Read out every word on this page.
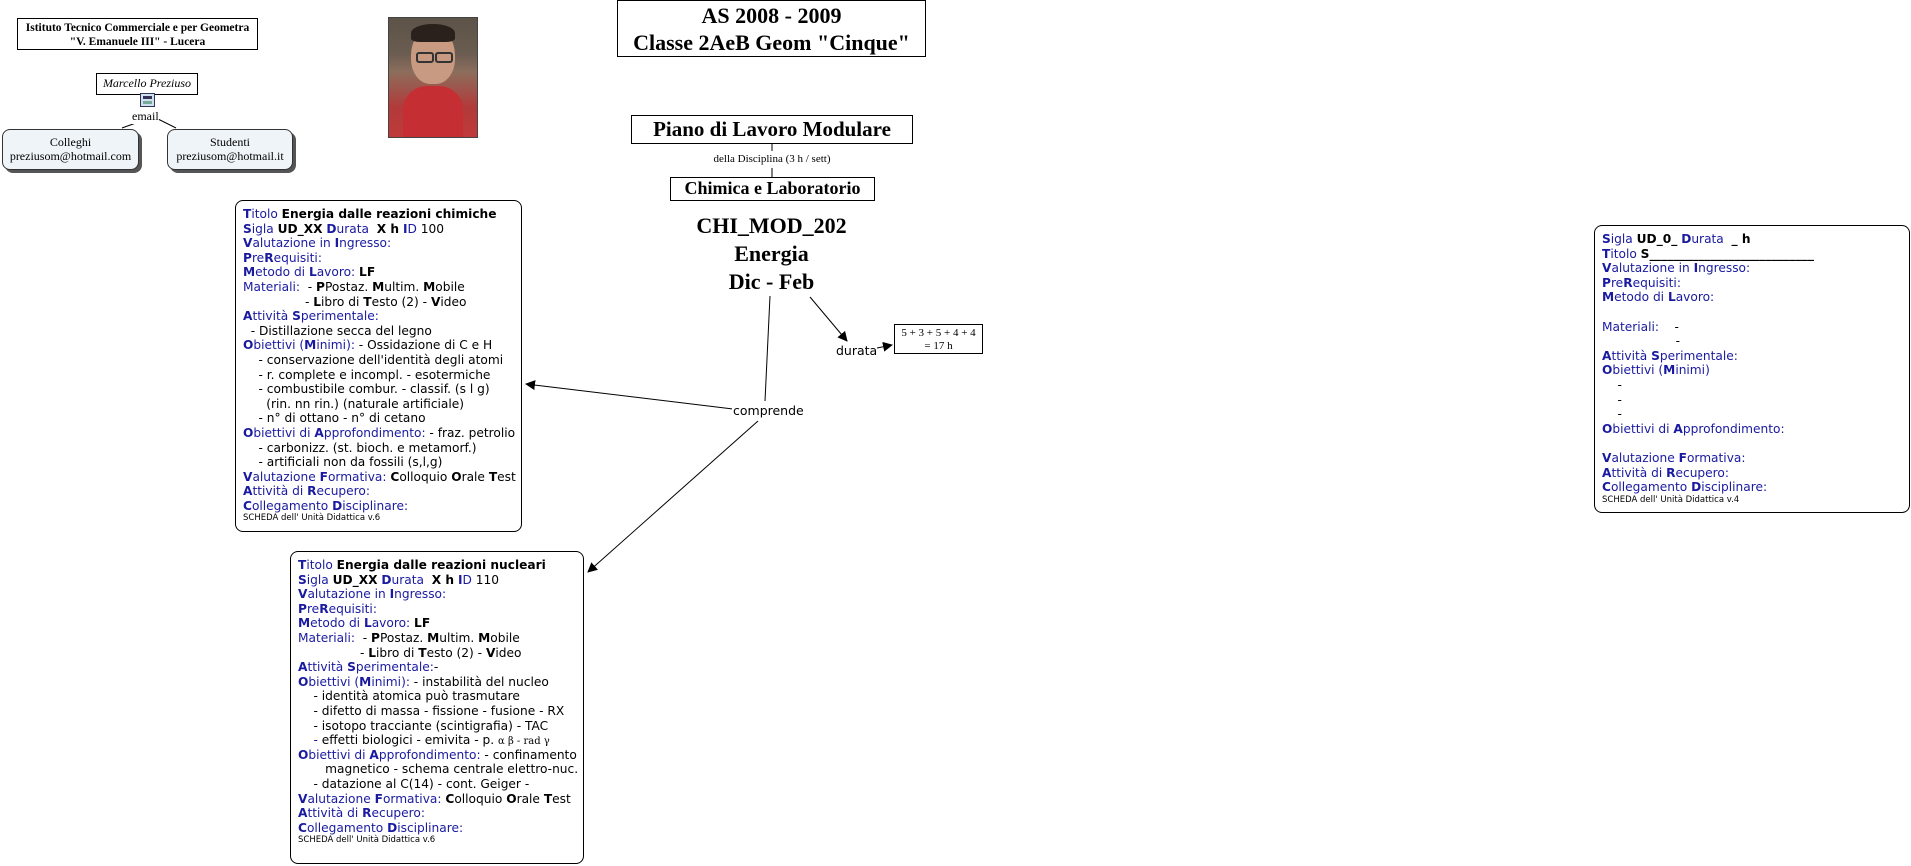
Istituto Tecnico Commerciale e per Geometra
"V. Emanuele III" - Lucera
Marcello Preziuso
email
Colleghi
preziusom@hotmail.com
Studenti
preziusom@hotmail.it
AS 2008 - 2009
Classe 2AeB Geom "Cinque"
Piano di Lavoro Modulare
della Disciplina (3 h / sett)
Chimica e Laboratorio
CHI_MOD_202
Energia
Dic - Feb
comprende
durata
5 + 3 + 5 + 4 + 4
= 17 h
Titolo Energia dalle reazioni chimiche
Sigla UD_XX Durata  X h ID 100
Valutazione in Ingresso:
PreRequisiti:
Metodo di Lavoro: LF
Materiali:  - PPostaz. Multim. Mobile
- Libro di Testo (2) - Video
Attività Sperimentale:
- Distillazione secca del legno
Obiettivi (Minimi): - Ossidazione di C e H
- conservazione dell'identità degli atomi
- r. complete e incompl. - esotermiche
- combustibile combur. - classif. (s l g)
(rin. nn rin.) (naturale artificiale)
- n° di ottano - n° di cetano
Obiettivi di Approfondimento: - fraz. petrolio
- carbonizz. (st. bioch. e metamorf.)
- artificiali non da fossili (s,l,g)
Valutazione Formativa: Colloquio Orale Test
Attività di Recupero:
Collegamento Disciplinare:
SCHEDA dell' Unità Didattica v.6
Titolo Energia dalle reazioni nucleari
Sigla UD_XX Durata  X h ID 110
Valutazione in Ingresso:
PreRequisiti:
Metodo di Lavoro: LF
Materiali:  - PPostaz. Multim. Mobile
- Libro di Testo (2) - Video
Attività Sperimentale:-
Obiettivi (Minimi): - instabilità del nucleo
- identità atomica può trasmutare
- difetto di massa - fissione - fusione - RX
- isotopo tracciante (scintigrafia) - TAC
- effetti biologici - emivita - p. α β - rad γ
Obiettivi di Approfondimento: - confinamento
magnetico - schema centrale elettro-nuc.
- datazione al C(14) - cont. Geiger -
Valutazione Formativa: Colloquio Orale Test
Attività di Recupero:
Collegamento Disciplinare:
SCHEDA dell' Unità Didattica v.6
Sigla UD_0_ Durata  _ h
Titolo S___________________________
Valutazione in Ingresso:
PreRequisiti:
Metodo di Lavoro:
Materiali: -
-
Attività Sperimentale:
Obiettivi (Minimi)
-
-
-
Obiettivi di Approfondimento:
Valutazione Formativa:
Attività di Recupero:
Collegamento Disciplinare:
SCHEDA dell' Unità Didattica v.4
